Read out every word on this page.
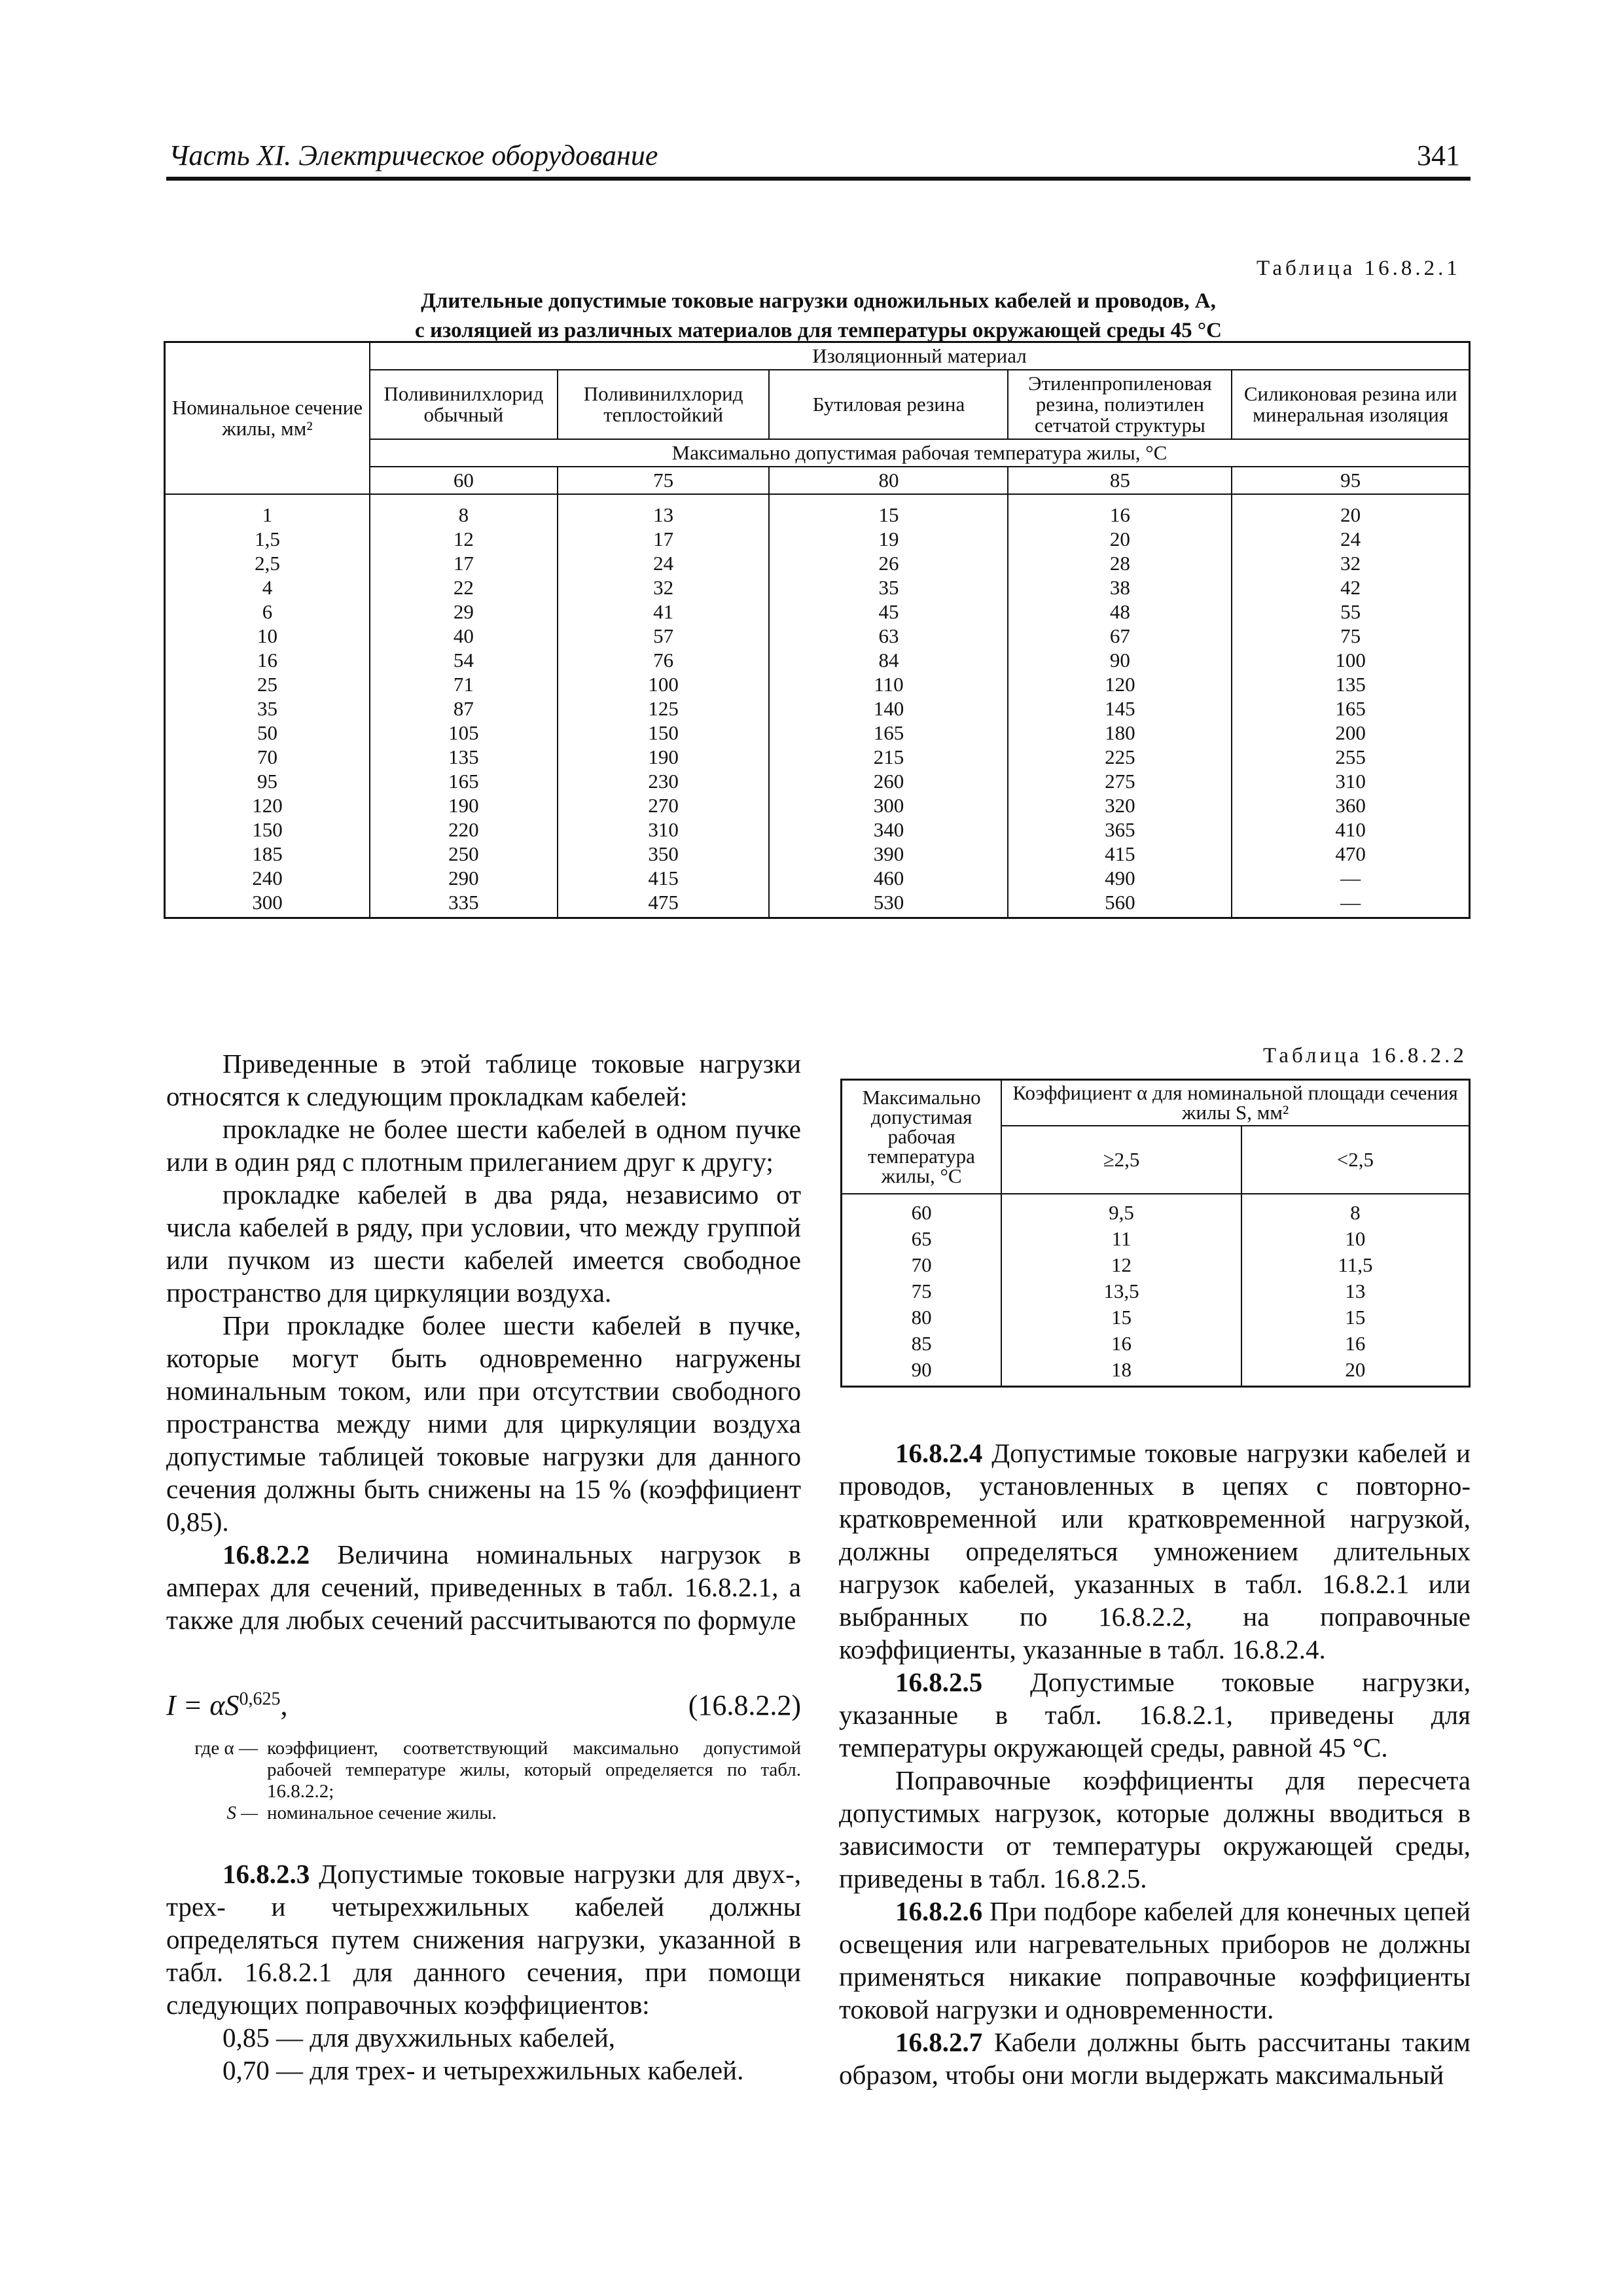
Часть XI. Электрическое оборудование	341
Таблица 16.8.2.1
Длительные допустимые токовые нагрузки одножильных кабелей и проводов, А,
с изоляцией из различных материалов для температуры окружающей среды 45 °С
Номинальное сечение жилы, мм²	Изоляционный материал				
	Поливинилхлорид обычный	Поливинилхлорид теплостойкий	Бутиловая резина	Этиленпропиленовая резина, полиэтилен сетчатой структуры	Силиконовая резина или минеральная изоляция
	Максимально допустимая рабочая температура жилы, °С				
	60	75	80	85	95
1	8	13	15	16	20
1,5	12	17	19	20	24
2,5	17	24	26	28	32
4	22	32	35	38	42
6	29	41	45	48	55
10	40	57	63	67	75
16	54	76	84	90	100
25	71	100	110	120	135
35	87	125	140	145	165
50	105	150	165	180	200
70	135	190	215	225	255
95	165	230	260	275	310
120	190	270	300	320	360
150	220	310	340	365	410
185	250	350	390	415	470
240	290	415	460	490	—
300	335	475	530	560	—

Приведенные в этой таблице токовые нагрузки относятся к следующим прокладкам кабелей:

прокладке не более шести кабелей в одном пучке или в один ряд с плотным прилеганием друг к другу;

прокладке кабелей в два ряда, независимо от числа кабелей в ряду, при условии, что между группой или пучком из шести кабелей имеется свободное пространство для циркуляции воздуха.

При прокладке более шести кабелей в пучке, которые могут быть одновременно нагружены номинальным током, или при отсутствии свободного пространства между ними для циркуляции воздуха допустимые таблицей токовые нагрузки для данного сечения должны быть снижены на 15 % (коэффициент 0,85).

16.8.2.2 Величина номинальных нагрузок в амперах для сечений, приведенных в табл. 16.8.2.1, а также для любых сечений рассчитываются по формуле

I = αS$^{0,625}$,	(16.8.2.2)
где α — коэффициент, соответствующий максимально допустимой рабочей температуре жилы, который определяется по табл. 16.8.2.2;
S — номинальное сечение жилы.

16.8.2.3 Допустимые токовые нагрузки для двух-, трех- и четырехжильных кабелей должны определяться путем снижения нагрузки, указанной в табл. 16.8.2.1 для данного сечения, при помощи следующих поправочных коэффициентов:

0,85 — для двухжильных кабелей,

0,70 — для трех- и четырехжильных кабелей.

Таблица 16.8.2.2
Максимально допустимая рабочая температура жилы, °С	Коэффициент α для номинальной площади сечения жилы S, мм²	
	≥2,5	<2,5
60	9,5	8
65	11	10
70	12	11,5
75	13,5	13
80	15	15
85	16	16
90	18	20

16.8.2.4 Допустимые токовые нагрузки кабелей и проводов, установленных в цепях с повторно-кратковременной или кратковременной нагрузкой, должны определяться умножением длительных нагрузок кабелей, указанных в табл. 16.8.2.1 или выбранных по 16.8.2.2, на поправочные коэффициенты, указанные в табл. 16.8.2.4.

16.8.2.5 Допустимые токовые нагрузки, указанные в табл. 16.8.2.1, приведены для температуры окружающей среды, равной 45 °С.

Поправочные коэффициенты для пересчета допустимых нагрузок, которые должны вводиться в зависимости от температуры окружающей среды, приведены в табл. 16.8.2.5.

16.8.2.6 При подборе кабелей для конечных цепей освещения или нагревательных приборов не должны применяться никакие поправочные коэффициенты токовой нагрузки и одновременности.

16.8.2.7 Кабели должны быть рассчитаны таким образом, чтобы они могли выдержать максимальный
